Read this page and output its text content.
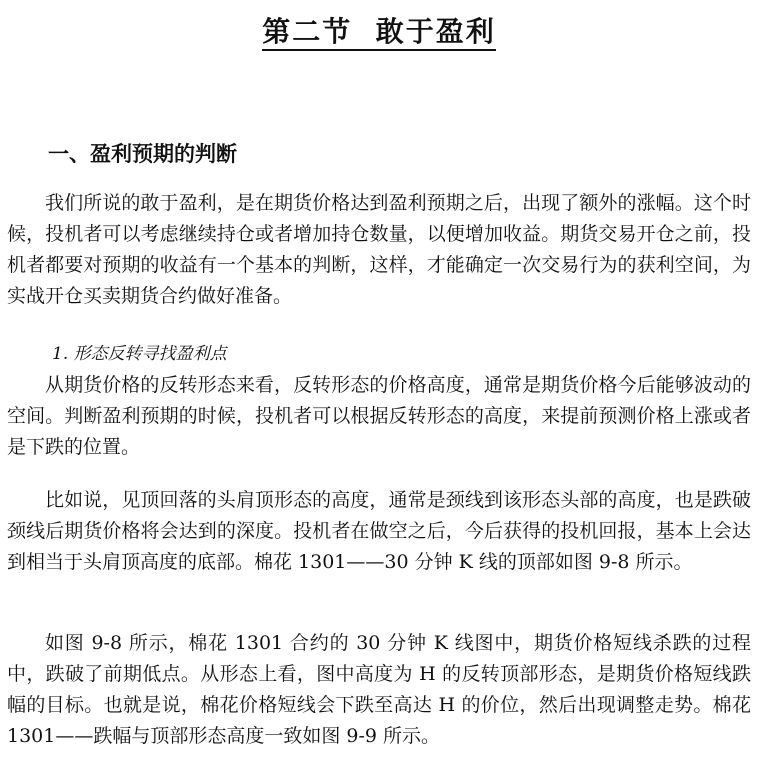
第二节  敢于盈利
一、盈利预期的判断

我们所说的敢于盈利，是在期货价格达到盈利预期之后，出现了额外的涨幅。这个时候，投机者可以考虑继续持仓或者增加持仓数量，以便增加收益。期货交易开仓之前，投机者都要对预期的收益有一个基本的判断，这样，才能确定一次交易行为的获利空间，为实战开仓买卖期货合约做好准备。

1. 形态反转寻找盈利点

从期货价格的反转形态来看，反转形态的价格高度，通常是期货价格今后能够波动的空间。判断盈利预期的时候，投机者可以根据反转形态的高度，来提前预测价格上涨或者是下跌的位置。

比如说，见顶回落的头肩顶形态的高度，通常是颈线到该形态头部的高度，也是跌破颈线后期货价格将会达到的深度。投机者在做空之后，今后获得的投机回报，基本上会达到相当于头肩顶高度的底部。棉花 1301——30 分钟 K 线的顶部如图 9-8 所示。

如图 9-8 所示，棉花 1301 合约的 30 分钟 K 线图中，期货价格短线杀跌的过程中，跌破了前期低点。从形态上看，图中高度为 H 的反转顶部形态，是期货价格短线跌幅的目标。也就是说，棉花价格短线会下跌至高达 H 的价位，然后出现调整走势。棉花 1301——跌幅与顶部形态高度一致如图 9-9 所示。
